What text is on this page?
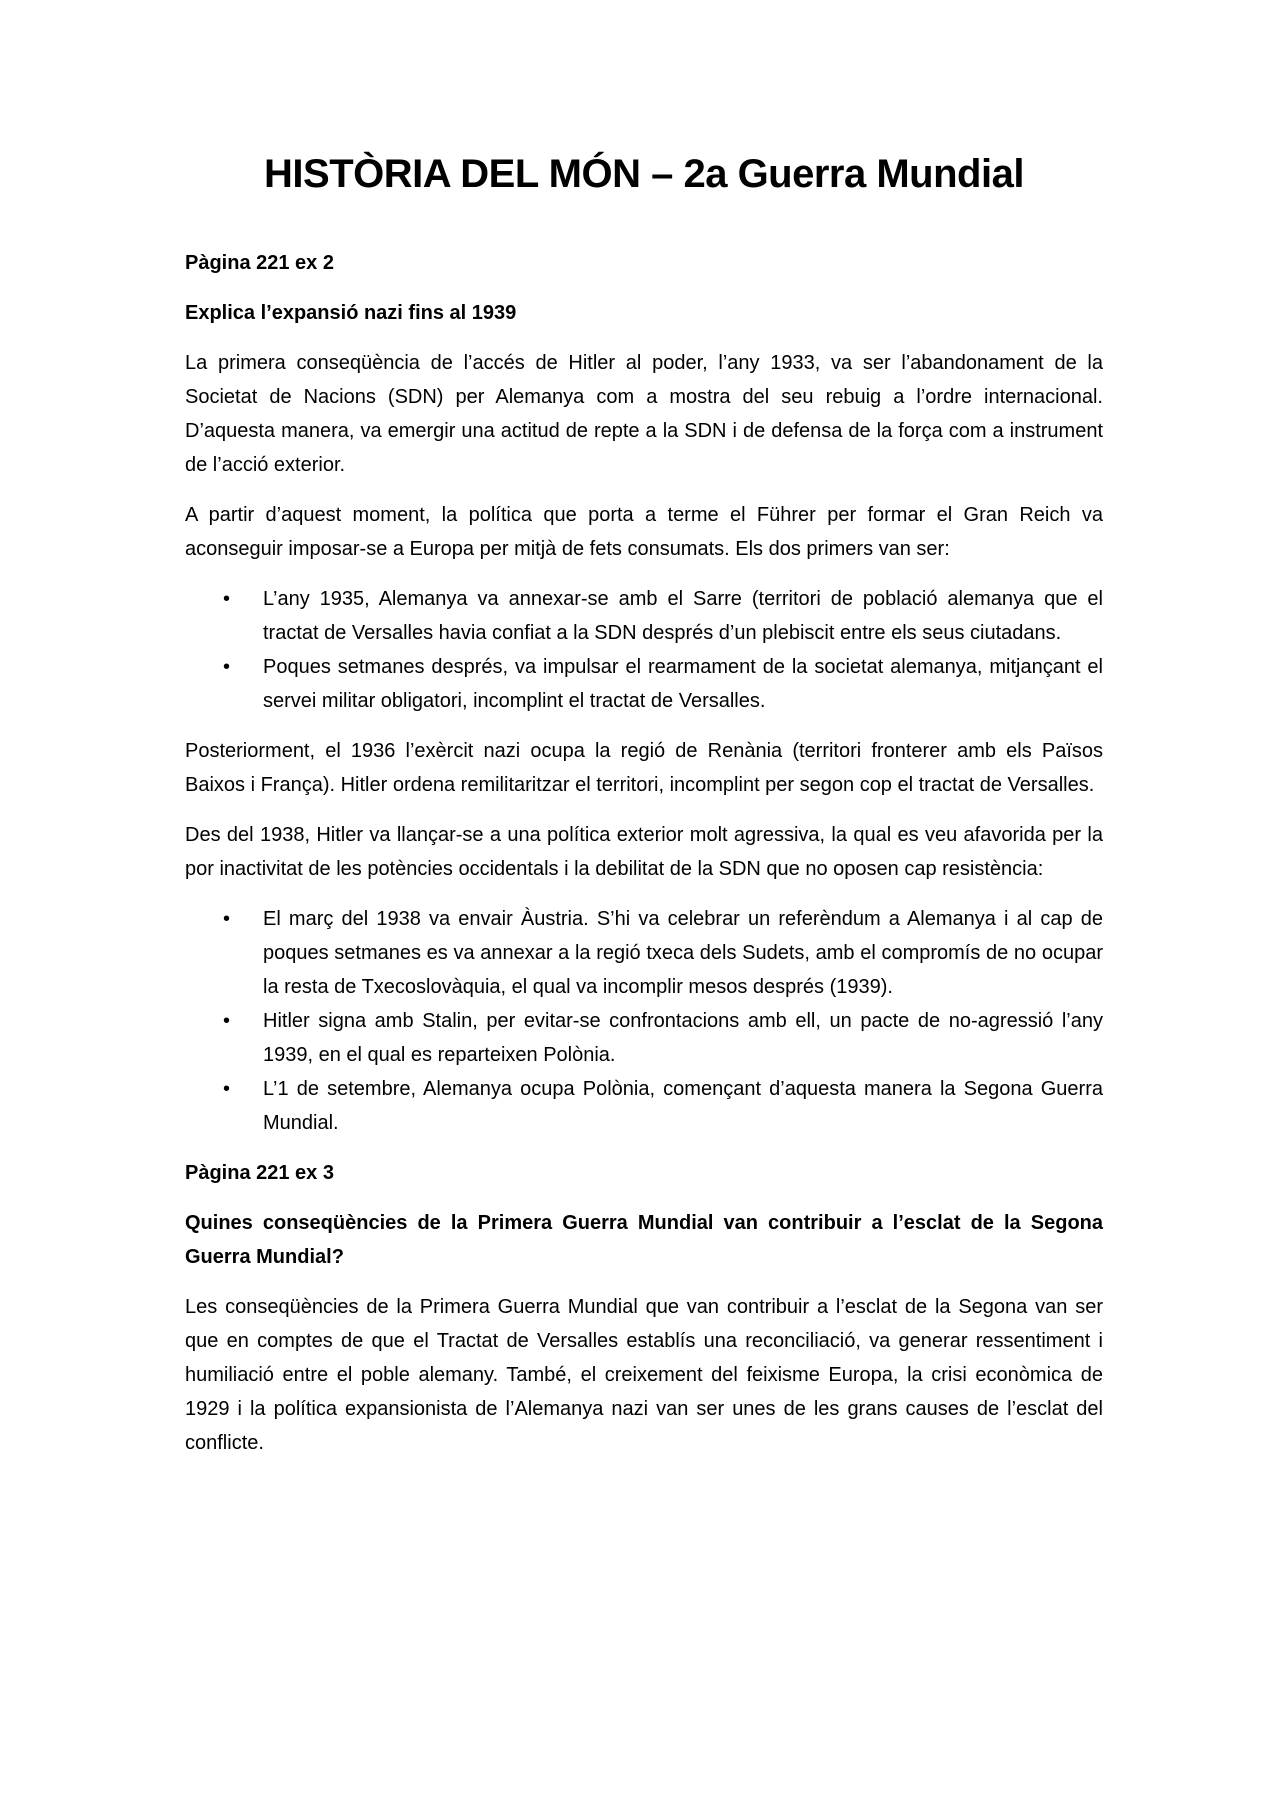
HISTÒRIA DEL MÓN – 2a Guerra Mundial

Pàgina 221 ex 2

Explica l’expansió nazi fins al 1939

La primera conseqüència de l’accés de Hitler al poder, l’any 1933, va ser l’abandonament de la Societat de Nacions (SDN) per Alemanya com a mostra del seu rebuig a l’ordre internacional. D’aquesta manera, va emergir una actitud de repte a la SDN i de defensa de la força com a instrument de l’acció exterior.

A partir d’aquest moment, la política que porta a terme el Führer per formar el Gran Reich va aconseguir imposar-se a Europa per mitjà de fets consumats. Els dos primers van ser:

• L’any 1935, Alemanya va annexar-se amb el Sarre (territori de població alemanya que el tractat de Versalles havia confiat a la SDN després d’un plebiscit entre els seus ciutadans.
• Poques setmanes després, va impulsar el rearmament de la societat alemanya, mitjançant el servei militar obligatori, incomplint el tractat de Versalles.

Posteriorment, el 1936 l’exèrcit nazi ocupa la regió de Renània (territori fronterer amb els Països Baixos i França). Hitler ordena remilitaritzar el territori, incomplint per segon cop el tractat de Versalles.

Des del 1938, Hitler va llançar-se a una política exterior molt agressiva, la qual es veu afavorida per la por inactivitat de les potències occidentals i la debilitat de la SDN que no oposen cap resistència:

• El març del 1938 va envair Àustria. S’hi va celebrar un referèndum a Alemanya i al cap de poques setmanes es va annexar a la regió txeca dels Sudets, amb el compromís de no ocupar la resta de Txecoslovàquia, el qual va incomplir mesos després (1939).
• Hitler signa amb Stalin, per evitar-se confrontacions amb ell, un pacte de no-agressió l’any 1939, en el qual es reparteixen Polònia.
• L’1 de setembre, Alemanya ocupa Polònia, començant d’aquesta manera la Segona Guerra Mundial.

Pàgina 221 ex 3

Quines conseqüències de la Primera Guerra Mundial van contribuir a l’esclat de la Segona Guerra Mundial?

Les conseqüències de la Primera Guerra Mundial que van contribuir a l’esclat de la Segona van ser que en comptes de que el Tractat de Versalles establís una reconciliació, va generar ressentiment i humiliació entre el poble alemany. També, el creixement del feixisme Europa, la crisi econòmica de 1929 i la política expansionista de l’Alemanya nazi van ser unes de les grans causes de l’esclat del conflicte.
